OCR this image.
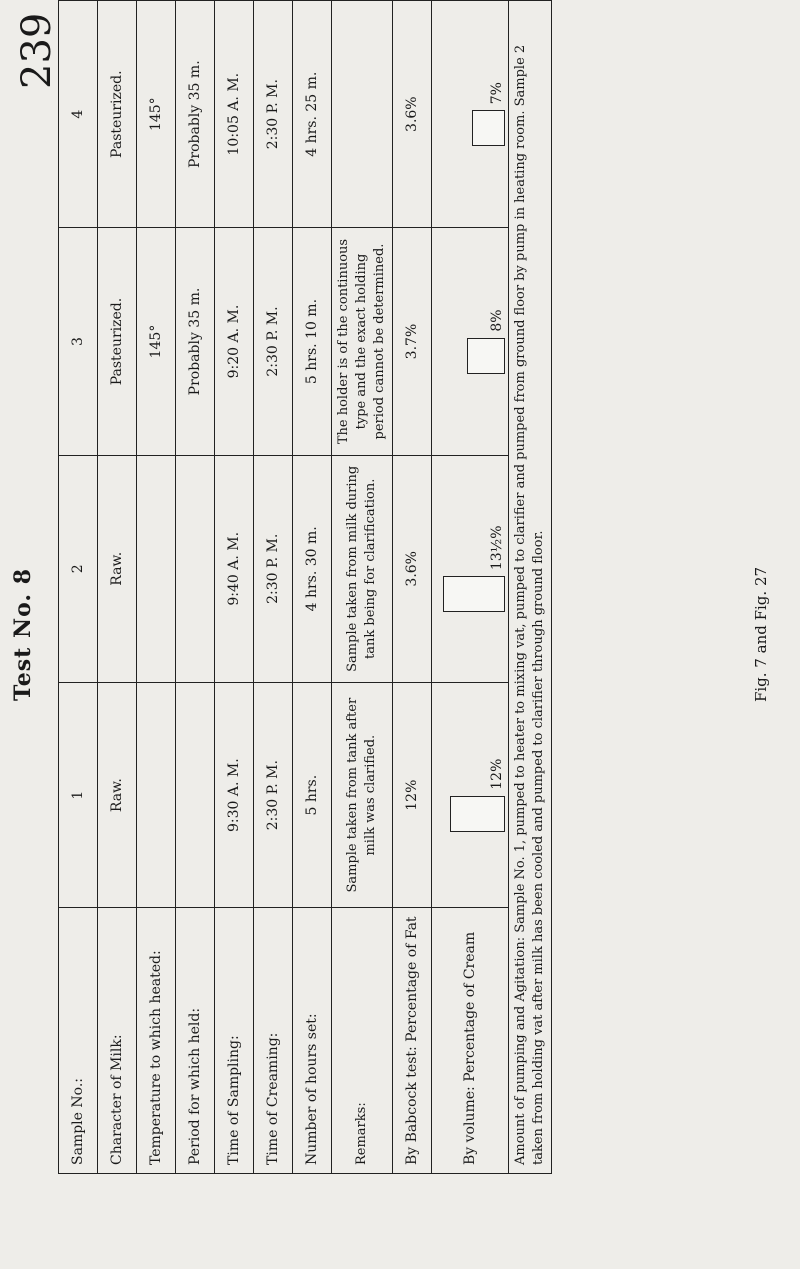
Test No. 8
239
Sample No.:	1	2	3	4
Character of Milk:	Raw.	Raw.	Pasteurized.	Pasteurized.
Temperature to which heated:			145°	145°
Period for which held:			Probably 35 m.	Probably 35 m.
Time of Sampling:	9:30 A. M.	9:40 A. M.	9:20 A. M.	10:05 A. M.
Time of Creaming:	2:30 P. M.	2:30 P. M.	2:30 P. M.	2:30 P. M.
Number of hours set:	5 hrs.	4 hrs. 30 m.	5 hrs. 10 m.	4 hrs. 25 m.
Remarks:	Sample taken from tank after milk was clarified.	Sample taken from milk during tank being for clarification.	The holder is of the continuous type and the exact holding period cannot be determined.	
By Babcock test: Percentage of Fat	12%	3.6%	3.7%	3.6%
By volume: Percentage of Cream	12%	13½%	8%	7%

Amount of pumping and Agitation: Sample No. 1, pumped to heater to mixing vat, pumped to clarifier and pumped from ground floor by pump in heating room. Sample 2 taken from holding vat after milk has been cooled and pumped to clarifier through ground floor.					Fig. 7 and Fig. 27
